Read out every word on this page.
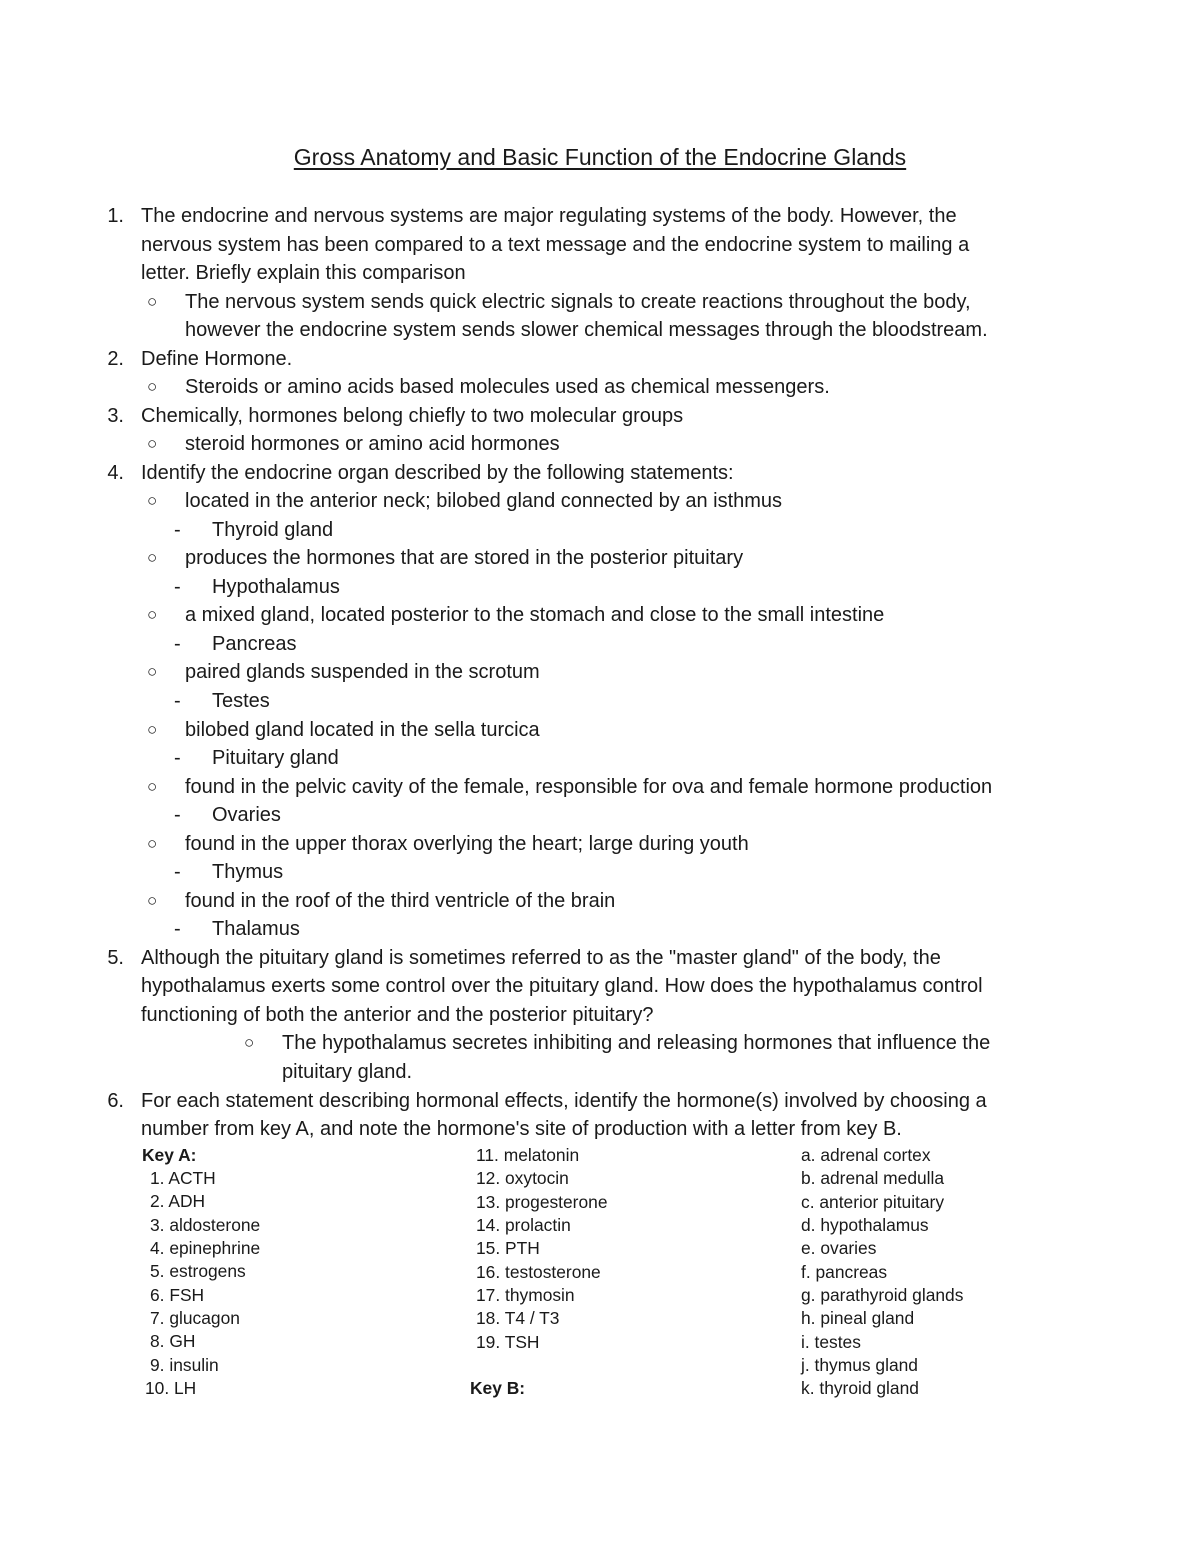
Gross Anatomy and Basic Function of the Endocrine Glands
1. The endocrine and nervous systems are major regulating systems of the body. However, the
nervous system has been compared to a text message and the endocrine system to mailing a
letter. Briefly explain this comparison
○ The nervous system sends quick electric signals to create reactions throughout the body,
however the endocrine system sends slower chemical messages through the bloodstream.
2. Define Hormone.
○ Steroids or amino acids based molecules used as chemical messengers.
3. Chemically, hormones belong chiefly to two molecular groups
○ steroid hormones or amino acid hormones
4. Identify the endocrine organ described by the following statements:
○ located in the anterior neck; bilobed gland connected by an isthmus
- Thyroid gland
○ produces the hormones that are stored in the posterior pituitary
- Hypothalamus
○ a mixed gland, located posterior to the stomach and close to the small intestine
- Pancreas
○ paired glands suspended in the scrotum
- Testes
○ bilobed gland located in the sella turcica
- Pituitary gland
○ found in the pelvic cavity of the female, responsible for ova and female hormone production
- Ovaries
○ found in the upper thorax overlying the heart; large during youth
- Thymus
○ found in the roof of the third ventricle of the brain
- Thalamus
5. Although the pituitary gland is sometimes referred to as the "master gland" of the body, the
hypothalamus exerts some control over the pituitary gland. How does the hypothalamus control
functioning of both the anterior and the posterior pituitary?
○ The hypothalamus secretes inhibiting and releasing hormones that influence the
pituitary gland.
6. For each statement describing hormonal effects, identify the hormone(s) involved by choosing a
number from key A, and note the hormone's site of production with a letter from key B.
Key A:
1. ACTH
2. ADH
3. aldosterone
4. epinephrine
5. estrogens
6. FSH
7. glucagon
8. GH
9. insulin
10. LH
11. melatonin
12. oxytocin
13. progesterone
14. prolactin
15. PTH
16. testosterone
17. thymosin
18. T4 / T3
19. TSH
Key B:
a. adrenal cortex
b. adrenal medulla
c. anterior pituitary
d. hypothalamus
e. ovaries
f. pancreas
g. parathyroid glands
h. pineal gland
i. testes
j. thymus gland
k. thyroid gland
